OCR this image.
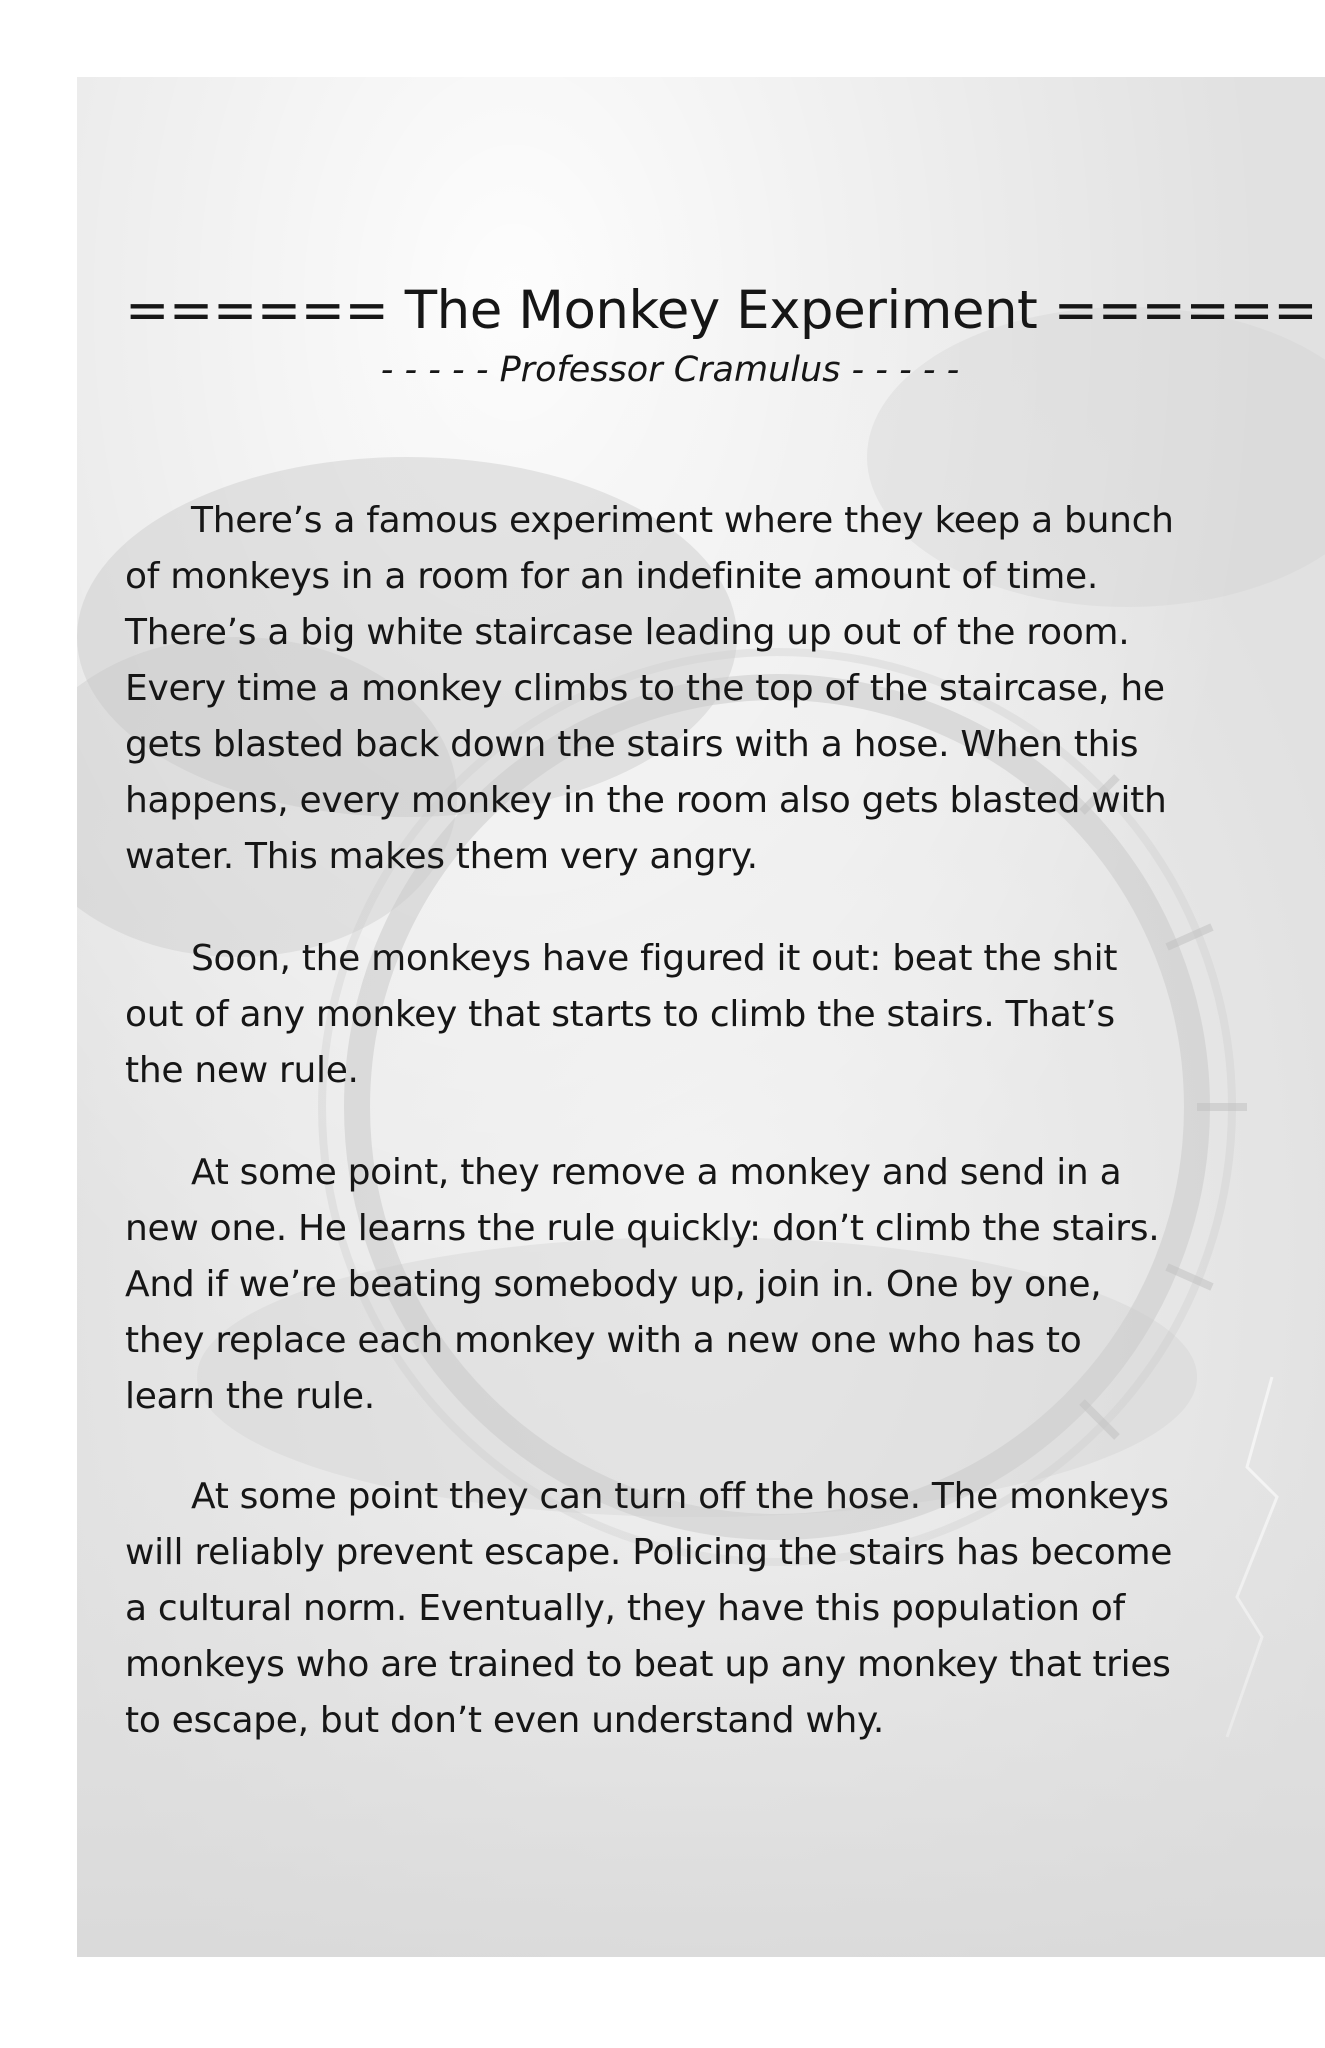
====== The Monkey Experiment ======
- - - - - Professor Cramulus - - - - -

There’s a famous experiment where they keep a bunch
of monkeys in a room for an indefinite amount of time.
There’s a big white staircase leading up out of the room.
Every time a monkey climbs to the top of the staircase, he
gets blasted back down the stairs with a hose. When this
happens, every monkey in the room also gets blasted with
water. This makes them very angry.

Soon, the monkeys have figured it out: beat the shit
out of any monkey that starts to climb the stairs. That’s
the new rule.

At some point, they remove a monkey and send in a
new one. He learns the rule quickly: don’t climb the stairs.
And if we’re beating somebody up, join in. One by one,
they replace each monkey with a new one who has to
learn the rule.

At some point they can turn off the hose. The monkeys
will reliably prevent escape. Policing the stairs has become
a cultural norm. Eventually, they have this population of
monkeys who are trained to beat up any monkey that tries
to escape, but don’t even understand why.
